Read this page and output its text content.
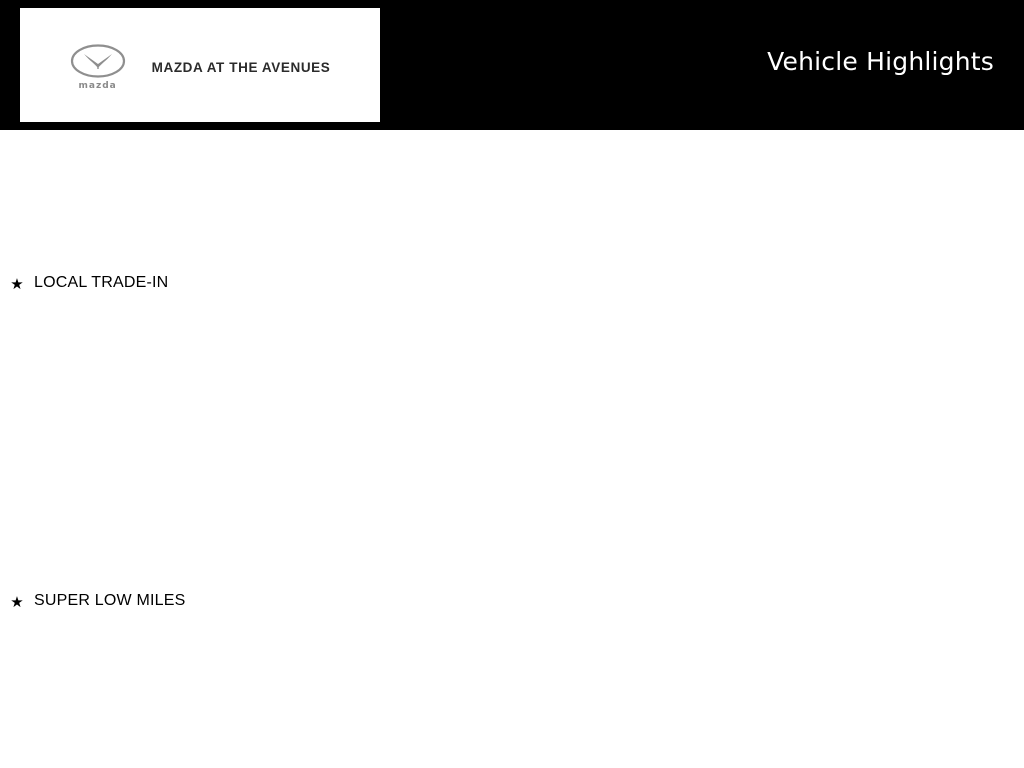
mazda
MAZDA AT THE AVENUES	Vehicle Highlights
★ LOCAL TRADE-IN
★ SUPER LOW MILES
